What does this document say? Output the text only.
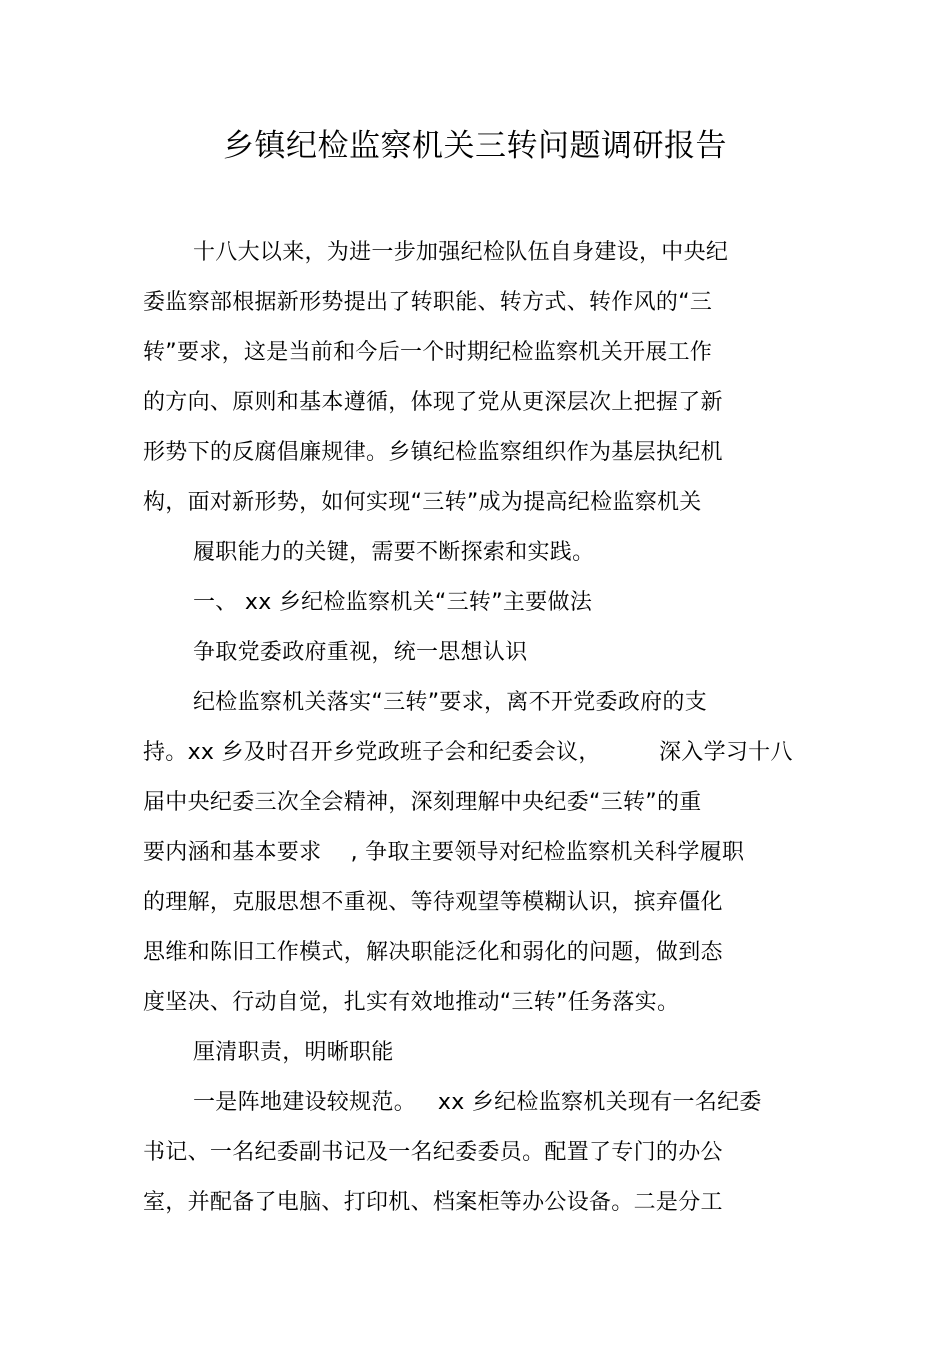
乡镇纪检监察机关三转问题调研报告
十八大以来，为进一步加强纪检队伍自身建设，中央纪
委监察部根据新形势提出了转职能、转方式、转作风的“三
转”要求，这是当前和今后一个时期纪检监察机关开展工作
的方向、原则和基本遵循，体现了党从更深层次上把握了新
形势下的反腐倡廉规律。乡镇纪检监察组织作为基层执纪机
构，面对新形势，如何实现“三转”成为提高纪检监察机关
履职能力的关键，需要不断探索和实践。
一、 xx 乡纪检监察机关“三转”主要做法
争取党委政府重视，统一思想认识
纪检监察机关落实“三转”要求，离不开党委政府的支
持。xx 乡及时召开乡党政班子会和纪委会议，        深入学习十八
届中央纪委三次全会精神，深刻理解中央纪委“三转”的重
要内涵和基本要求    , 争取主要领导对纪检监察机关科学履职
的理解，克服思想不重视、等待观望等模糊认识，摈弃僵化
思维和陈旧工作模式，解决职能泛化和弱化的问题，做到态
度坚决、行动自觉，扎实有效地推动“三转”任务落实。
厘清职责，明晰职能
一是阵地建设较规范。   xx 乡纪检监察机关现有一名纪委
书记、一名纪委副书记及一名纪委委员。配置了专门的办公
室，并配备了电脑、打印机、档案柜等办公设备。二是分工
